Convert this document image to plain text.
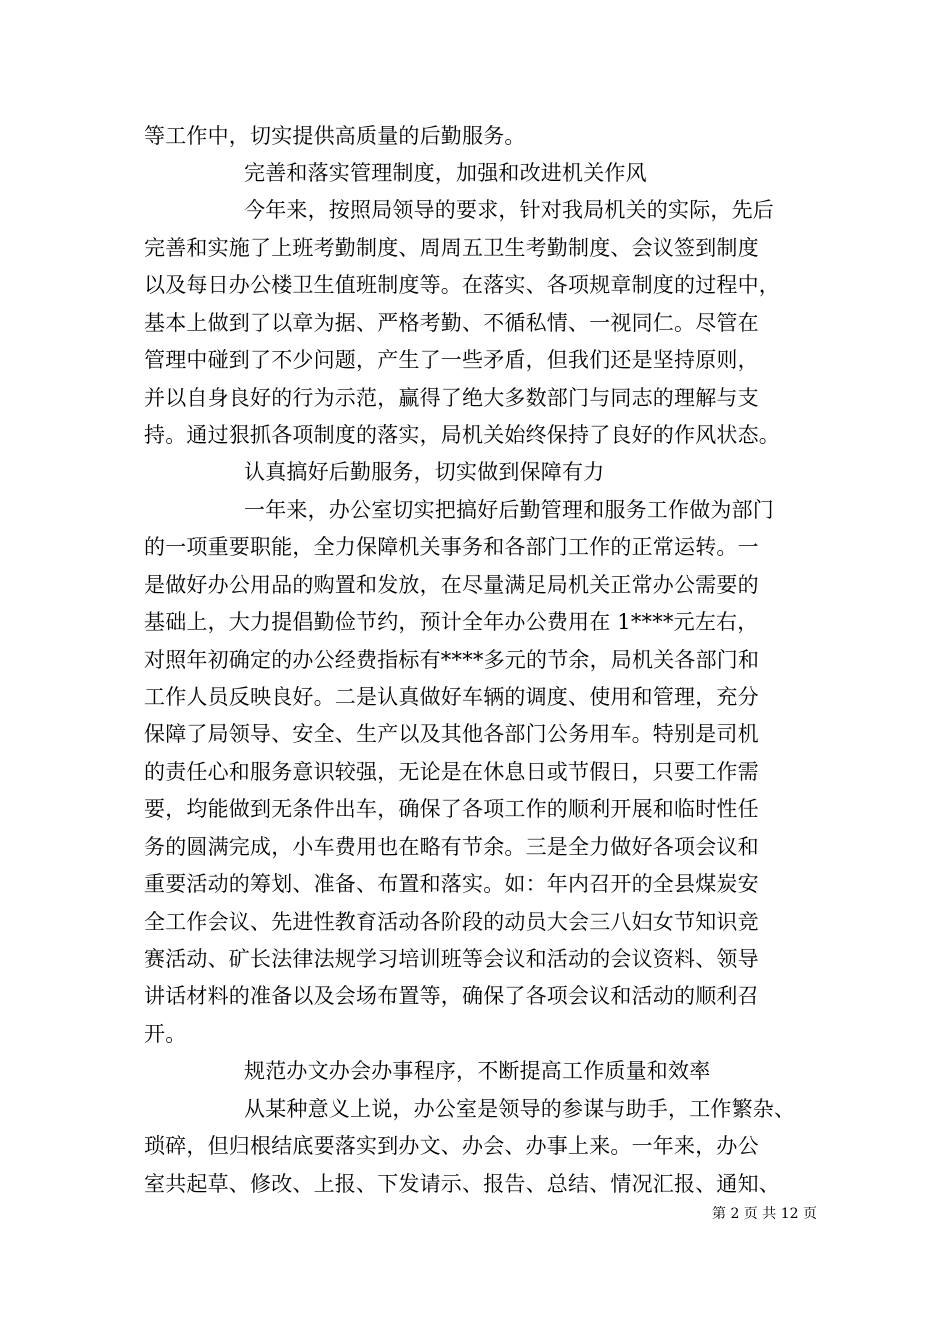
等工作中，切实提供高质量的后勤服务。
完善和落实管理制度，加强和改进机关作风
今年来，按照局领导的要求，针对我局机关的实际，先后
完善和实施了上班考勤制度、周周五卫生考勤制度、会议签到制度
以及每日办公楼卫生值班制度等。在落实、各项规章制度的过程中，
基本上做到了以章为据、严格考勤、不循私情、一视同仁。尽管在
管理中碰到了不少问题，产生了一些矛盾，但我们还是坚持原则，
并以自身良好的行为示范，赢得了绝大多数部门与同志的理解与支
持。通过狠抓各项制度的落实，局机关始终保持了良好的作风状态。
认真搞好后勤服务，切实做到保障有力
一年来，办公室切实把搞好后勤管理和服务工作做为部门
的一项重要职能，全力保障机关事务和各部门工作的正常运转。一
是做好办公用品的购置和发放，在尽量满足局机关正常办公需要的
基础上，大力提倡勤俭节约，预计全年办公费用在 1****元左右，
对照年初确定的办公经费指标有****多元的节余，局机关各部门和
工作人员反映良好。二是认真做好车辆的调度、使用和管理，充分
保障了局领导、安全、生产以及其他各部门公务用车。特别是司机
的责任心和服务意识较强，无论是在休息日或节假日，只要工作需
要，均能做到无条件出车，确保了各项工作的顺利开展和临时性任
务的圆满完成，小车费用也在略有节余。三是全力做好各项会议和
重要活动的筹划、准备、布置和落实。如：年内召开的全县煤炭安
全工作会议、先进性教育活动各阶段的动员大会三八妇女节知识竞
赛活动、矿长法律法规学习培训班等会议和活动的会议资料、领导
讲话材料的准备以及会场布置等，确保了各项会议和活动的顺利召
开。
规范办文办会办事程序，不断提高工作质量和效率
从某种意义上说，办公室是领导的参谋与助手，工作繁杂、
琐碎，但归根结底要落实到办文、办会、办事上来。一年来，办公
室共起草、修改、上报、下发请示、报告、总结、情况汇报、通知、
第 2 页 共 12 页
